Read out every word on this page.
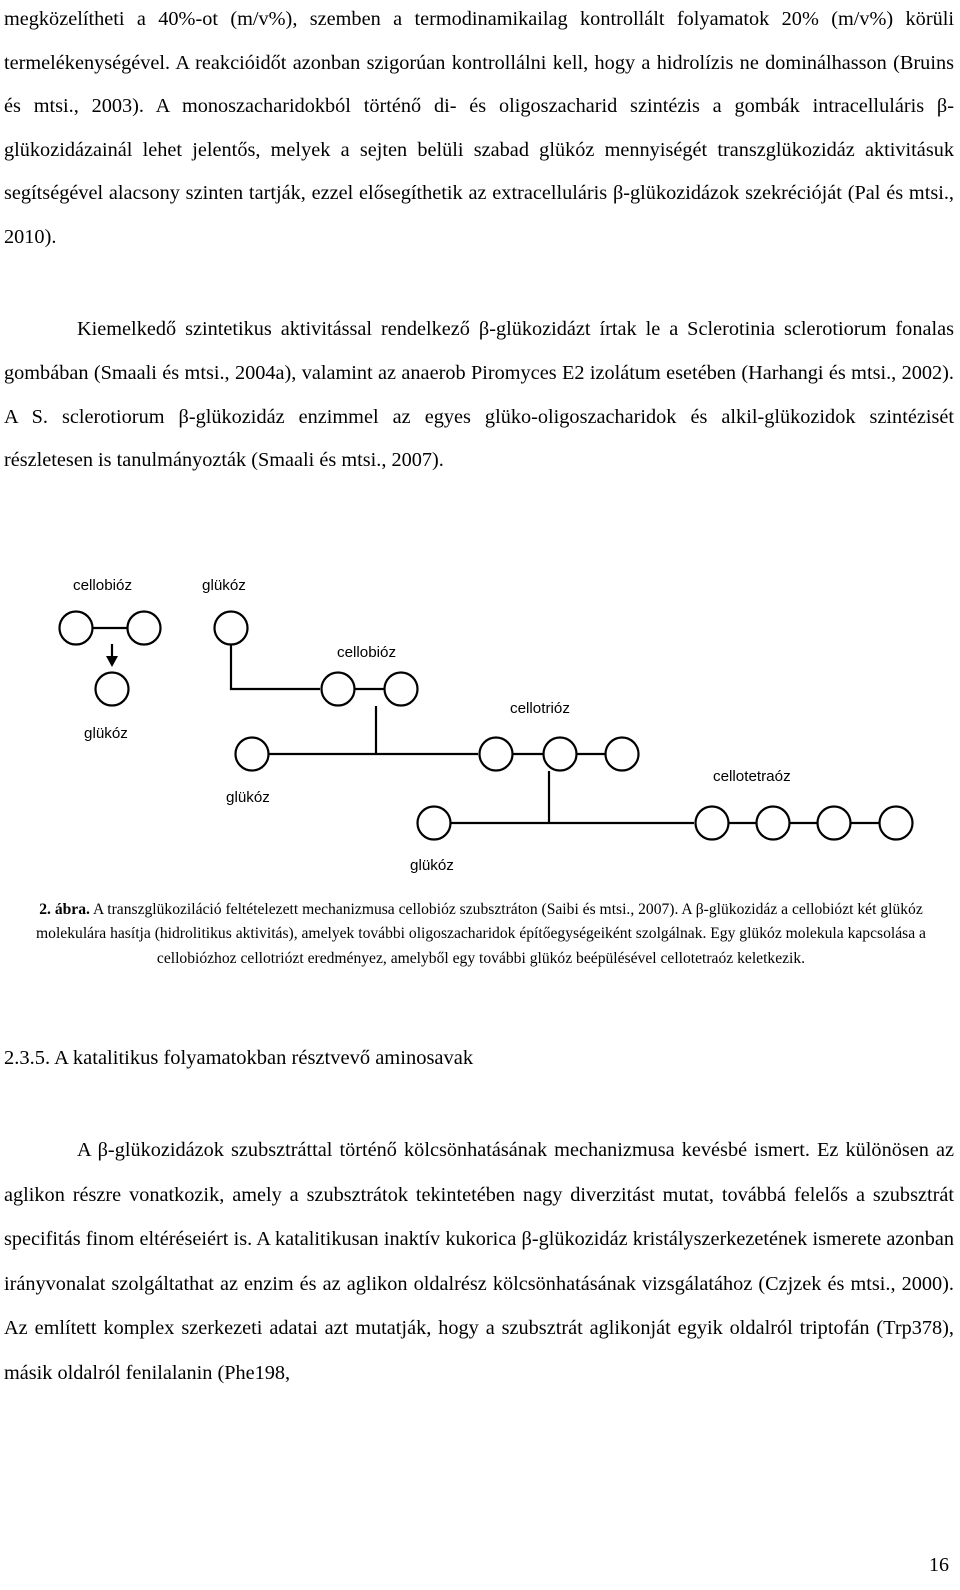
megközelítheti a 40%-ot (m/v%), szemben a termodinamikailag kontrollált folyamatok 20% (m/v%) körüli termelékenységével. A reakcióidőt azonban szigorúan kontrollálni kell, hogy a hidrolízis ne dominálhasson (Bruins és mtsi., 2003). A monoszacharidokból történő di- és oligoszacharid szintézis a gombák intracelluláris β-glükozidázainál lehet jelentős, melyek a sejten belüli szabad glükóz mennyiségét transzglükozidáz aktivitásuk segítségével alacsony szinten tartják, ezzel elősegíthetik az extracelluláris β-glükozidázok szekrécióját (Pal és mtsi., 2010).

Kiemelkedő szintetikus aktivitással rendelkező β-glükozidázt írtak le a Sclerotinia sclerotiorum fonalas gombában (Smaali és mtsi., 2004a), valamint az anaerob Piromyces E2 izolátum esetében (Harhangi és mtsi., 2002). A S. sclerotiorum β-glükozidáz enzimmel az egyes glüko-oligoszacharidok és alkil-glükozidok szintézisét részletesen is tanulmányozták (Smaali és mtsi., 2007).

cellobióz	glükóz
glükóz
cellobióz
glükóz
cellotrióz
cellotetraóz
glükóz

2. ábra. A transzglükoziláció feltételezett mechanizmusa cellobióz szubsztráton (Saibi és mtsi., 2007). A β-glükozidáz a cellobiózt két glükóz molekulára hasítja (hidrolitikus aktivitás), amelyek további oligoszacharidok építőegységeiként szolgálnak. Egy glükóz molekula kapcsolása a cellobiózhoz cellotriózt eredményez, amelyből egy további glükóz beépülésével cellotetraóz keletkezik.

2.3.5. A katalitikus folyamatokban résztvevő aminosavak

A β-glükozidázok szubsztráttal történő kölcsönhatásának mechanizmusa kevésbé ismert. Ez különösen az aglikon részre vonatkozik, amely a szubsztrátok tekintetében nagy diverzitást mutat, továbbá felelős a szubsztrát specifitás finom eltéréseiért is. A katalitikusan inaktív kukorica β-glükozidáz kristályszerkezetének ismerete azonban irányvonalat szolgáltathat az enzim és az aglikon oldalrész kölcsönhatásának vizsgálatához (Czjzek és mtsi., 2000). Az említett komplex szerkezeti adatai azt mutatják, hogy a szubsztrát aglikonját egyik oldalról triptofán (Trp378), másik oldalról fenilalanin (Phe198,

16
